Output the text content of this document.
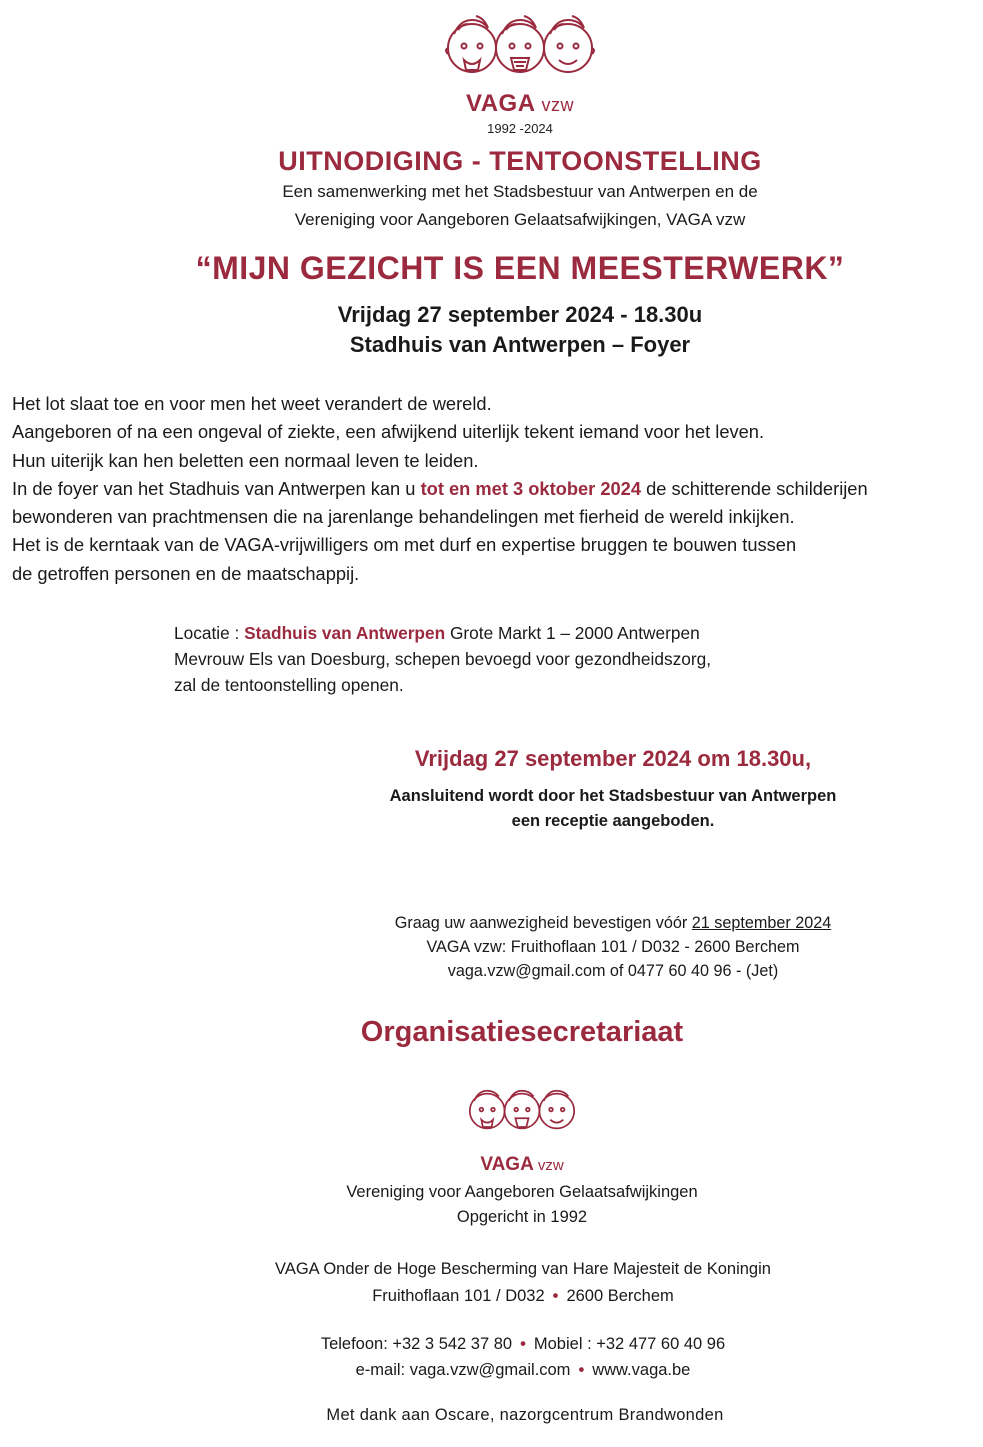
VAGA vzw
1992 -2024
UITNODIGING - TENTOONSTELLING
Een samenwerking met het Stadsbestuur van Antwerpen en de
Vereniging voor Aangeboren Gelaatsafwijkingen, VAGA vzw
“MIJN GEZICHT IS EEN MEESTERWERK”
Vrijdag 27 september 2024 - 18.30u
Stadhuis van Antwerpen – Foyer
Het lot slaat toe en voor men het weet verandert de wereld.
Aangeboren of na een ongeval of ziekte, een afwijkend uiterlijk tekent iemand voor het leven.
Hun uiterijk kan hen beletten een normaal leven te leiden.
In de foyer van het Stadhuis van Antwerpen kan u tot en met 3 oktober 2024 de schitterende schilderijen
bewonderen van prachtmensen die na jarenlange behandelingen met fierheid de wereld inkijken.
Het is de kerntaak van de VAGA-vrijwilligers om met durf en expertise bruggen te bouwen tussen
de getroffen personen en de maatschappij.
Locatie : Stadhuis van Antwerpen Grote Markt 1 – 2000 Antwerpen
Mevrouw Els van Doesburg, schepen bevoegd voor gezondheidszorg,
zal de tentoonstelling openen.
Vrijdag 27 september 2024 om 18.30u,
Aansluitend wordt door het Stadsbestuur van Antwerpen
een receptie aangeboden.
Graag uw aanwezigheid bevestigen vóór 21 september 2024
VAGA vzw: Fruithoflaan 101 / D032 - 2600 Berchem
vaga.vzw@gmail.com of 0477 60 40 96 - (Jet)
Organisatiesecretariaat
VAGA vzw
Vereniging voor Aangeboren Gelaatsafwijkingen
Opgericht in 1992
VAGA Onder de Hoge Bescherming van Hare Majesteit de Koningin
Fruithoflaan 101 / D032 • 2600 Berchem
Telefoon: +32 3 542 37 80 • Mobiel : +32 477 60 40 96
e-mail: vaga.vzw@gmail.com • www.vaga.be
Met dank aan Oscare, nazorgcentrum Brandwonden
